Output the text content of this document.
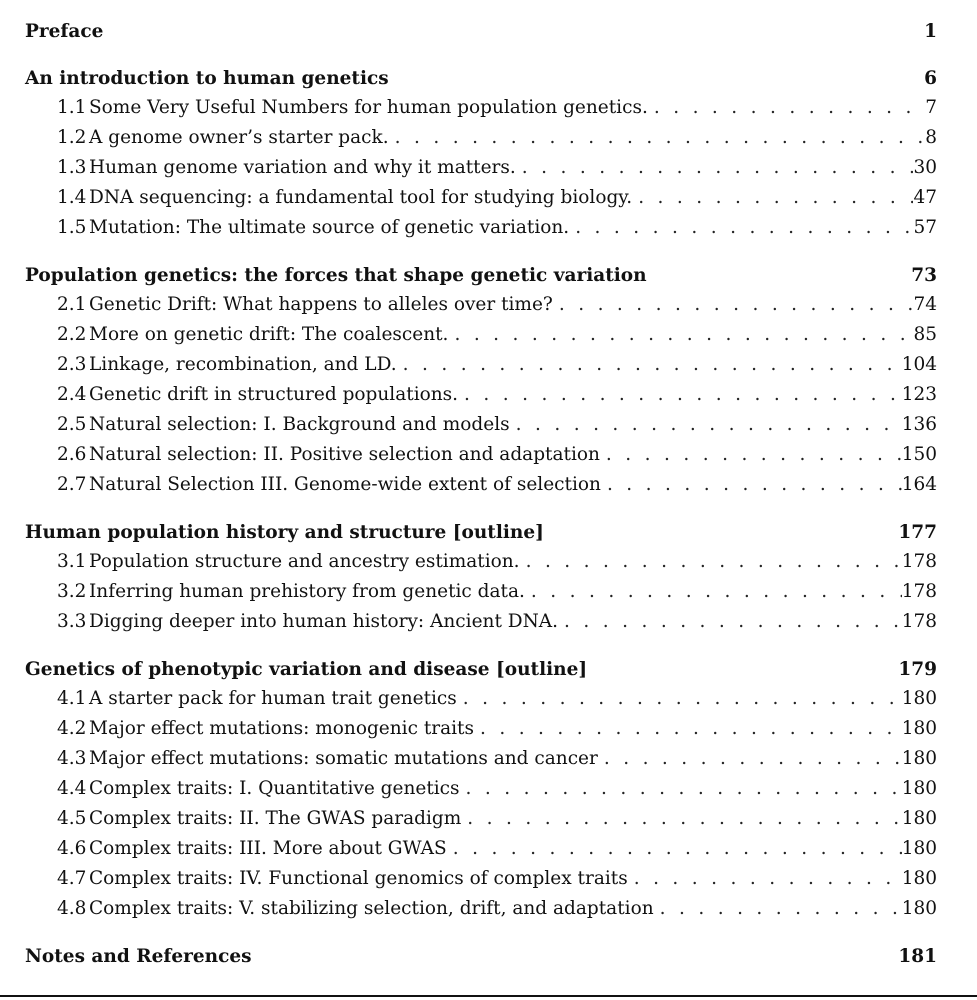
Preface	1
An introduction to human genetics	6
1.1 Some Very Useful Numbers for human population genetics. . . .	7
1.2 A genome owner’s starter pack. . . .	8
1.3 Human genome variation and why it matters. . . .	30
1.4 DNA sequencing: a fundamental tool for studying biology. . . .	47
1.5 Mutation: The ultimate source of genetic variation. . . .	57
Population genetics: the forces that shape genetic variation	73
2.1 Genetic Drift: What happens to alleles over time? . . .	74
2.2 More on genetic drift: The coalescent. . . .	85
2.3 Linkage, recombination, and LD. . . .	104
2.4 Genetic drift in structured populations. . . .	123
2.5 Natural selection: I. Background and models . . .	136
2.6 Natural selection: II. Positive selection and adaptation . . .	150
2.7 Natural Selection III. Genome-wide extent of selection . . .	164
Human population history and structure [outline]	177
3.1 Population structure and ancestry estimation. . . .	178
3.2 Inferring human prehistory from genetic data. . . .	178
3.3 Digging deeper into human history: Ancient DNA. . . .	178
Genetics of phenotypic variation and disease [outline]	179
4.1 A starter pack for human trait genetics . . .	180
4.2 Major effect mutations: monogenic traits . . .	180
4.3 Major effect mutations: somatic mutations and cancer . . .	180
4.4 Complex traits: I. Quantitative genetics . . .	180
4.5 Complex traits: II. The GWAS paradigm . . .	180
4.6 Complex traits: III. More about GWAS . . .	180
4.7 Complex traits: IV. Functional genomics of complex traits . . .	180
4.8 Complex traits: V. stabilizing selection, drift, and adaptation . . .	180
Notes and References	181
